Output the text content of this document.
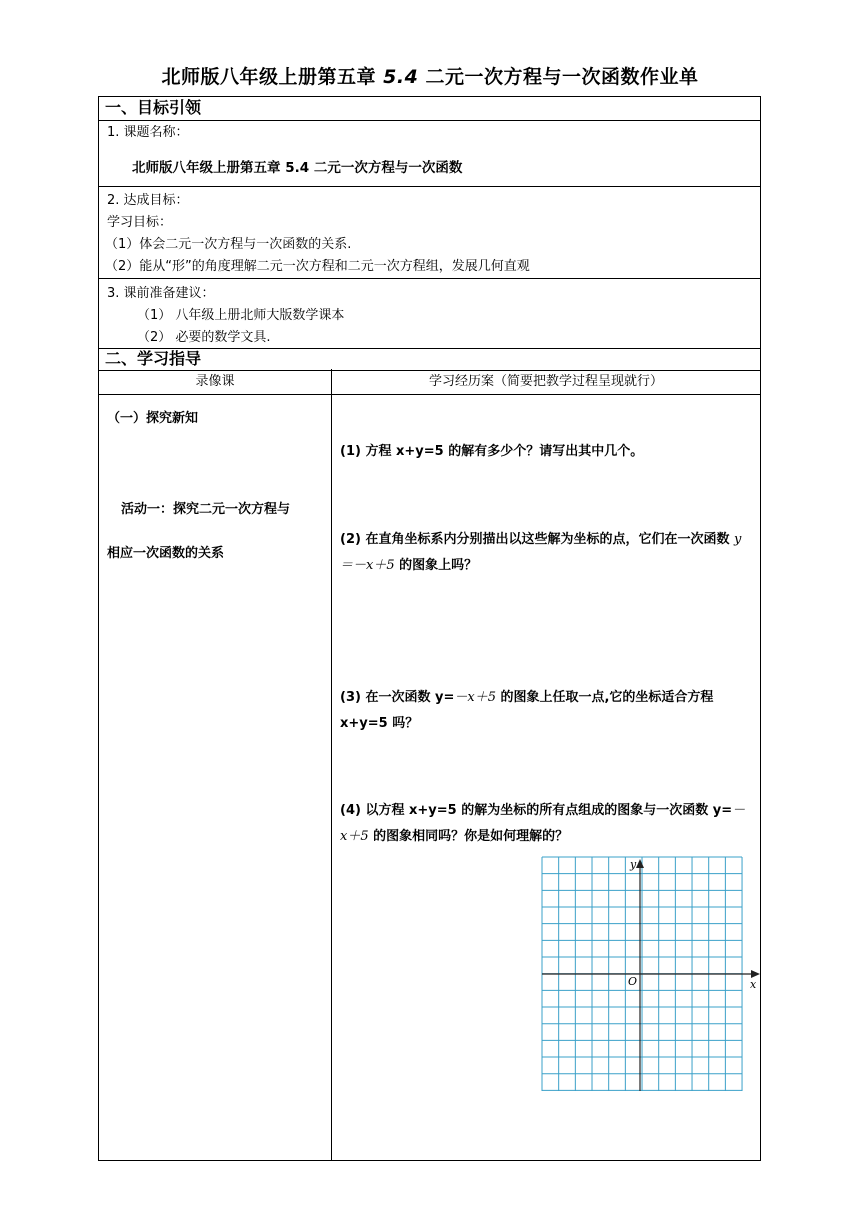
北师版八年级上册第五章 5.4 二元一次方程与一次函数作业单
一、目标引领
1. 课题名称：
北师版八年级上册第五章 5.4 二元一次方程与一次函数
2. 达成目标：
学习目标：
（1）体会二元一次方程与一次函数的关系.
（2）能从“形”的角度理解二元一次方程和二元一次方程组，发展几何直观
3. 课前准备建议：
（1） 八年级上册北师大版数学课本
（2） 必要的数学文具.
二、学习指导
录像课	学习经历案（简要把教学过程呈现就行）
（一）探究新知
活动一：探究二元一次方程与
相应一次函数的关系
(1) 方程 x+y=5 的解有多少个？请写出其中几个。
(2) 在直角坐标系内分别描出以这些解为坐标的点，它们在一次函数 y＝－x＋5 的图象上吗？
(3) 在一次函数 y=－x＋5 的图象上任取一点,它的坐标适合方程 x+y=5 吗？
(4) 以方程 x+y=5 的解为坐标的所有点组成的图象与一次函数 y=－x＋5 的图象相同吗？你是如何理解的？
y
x
O
